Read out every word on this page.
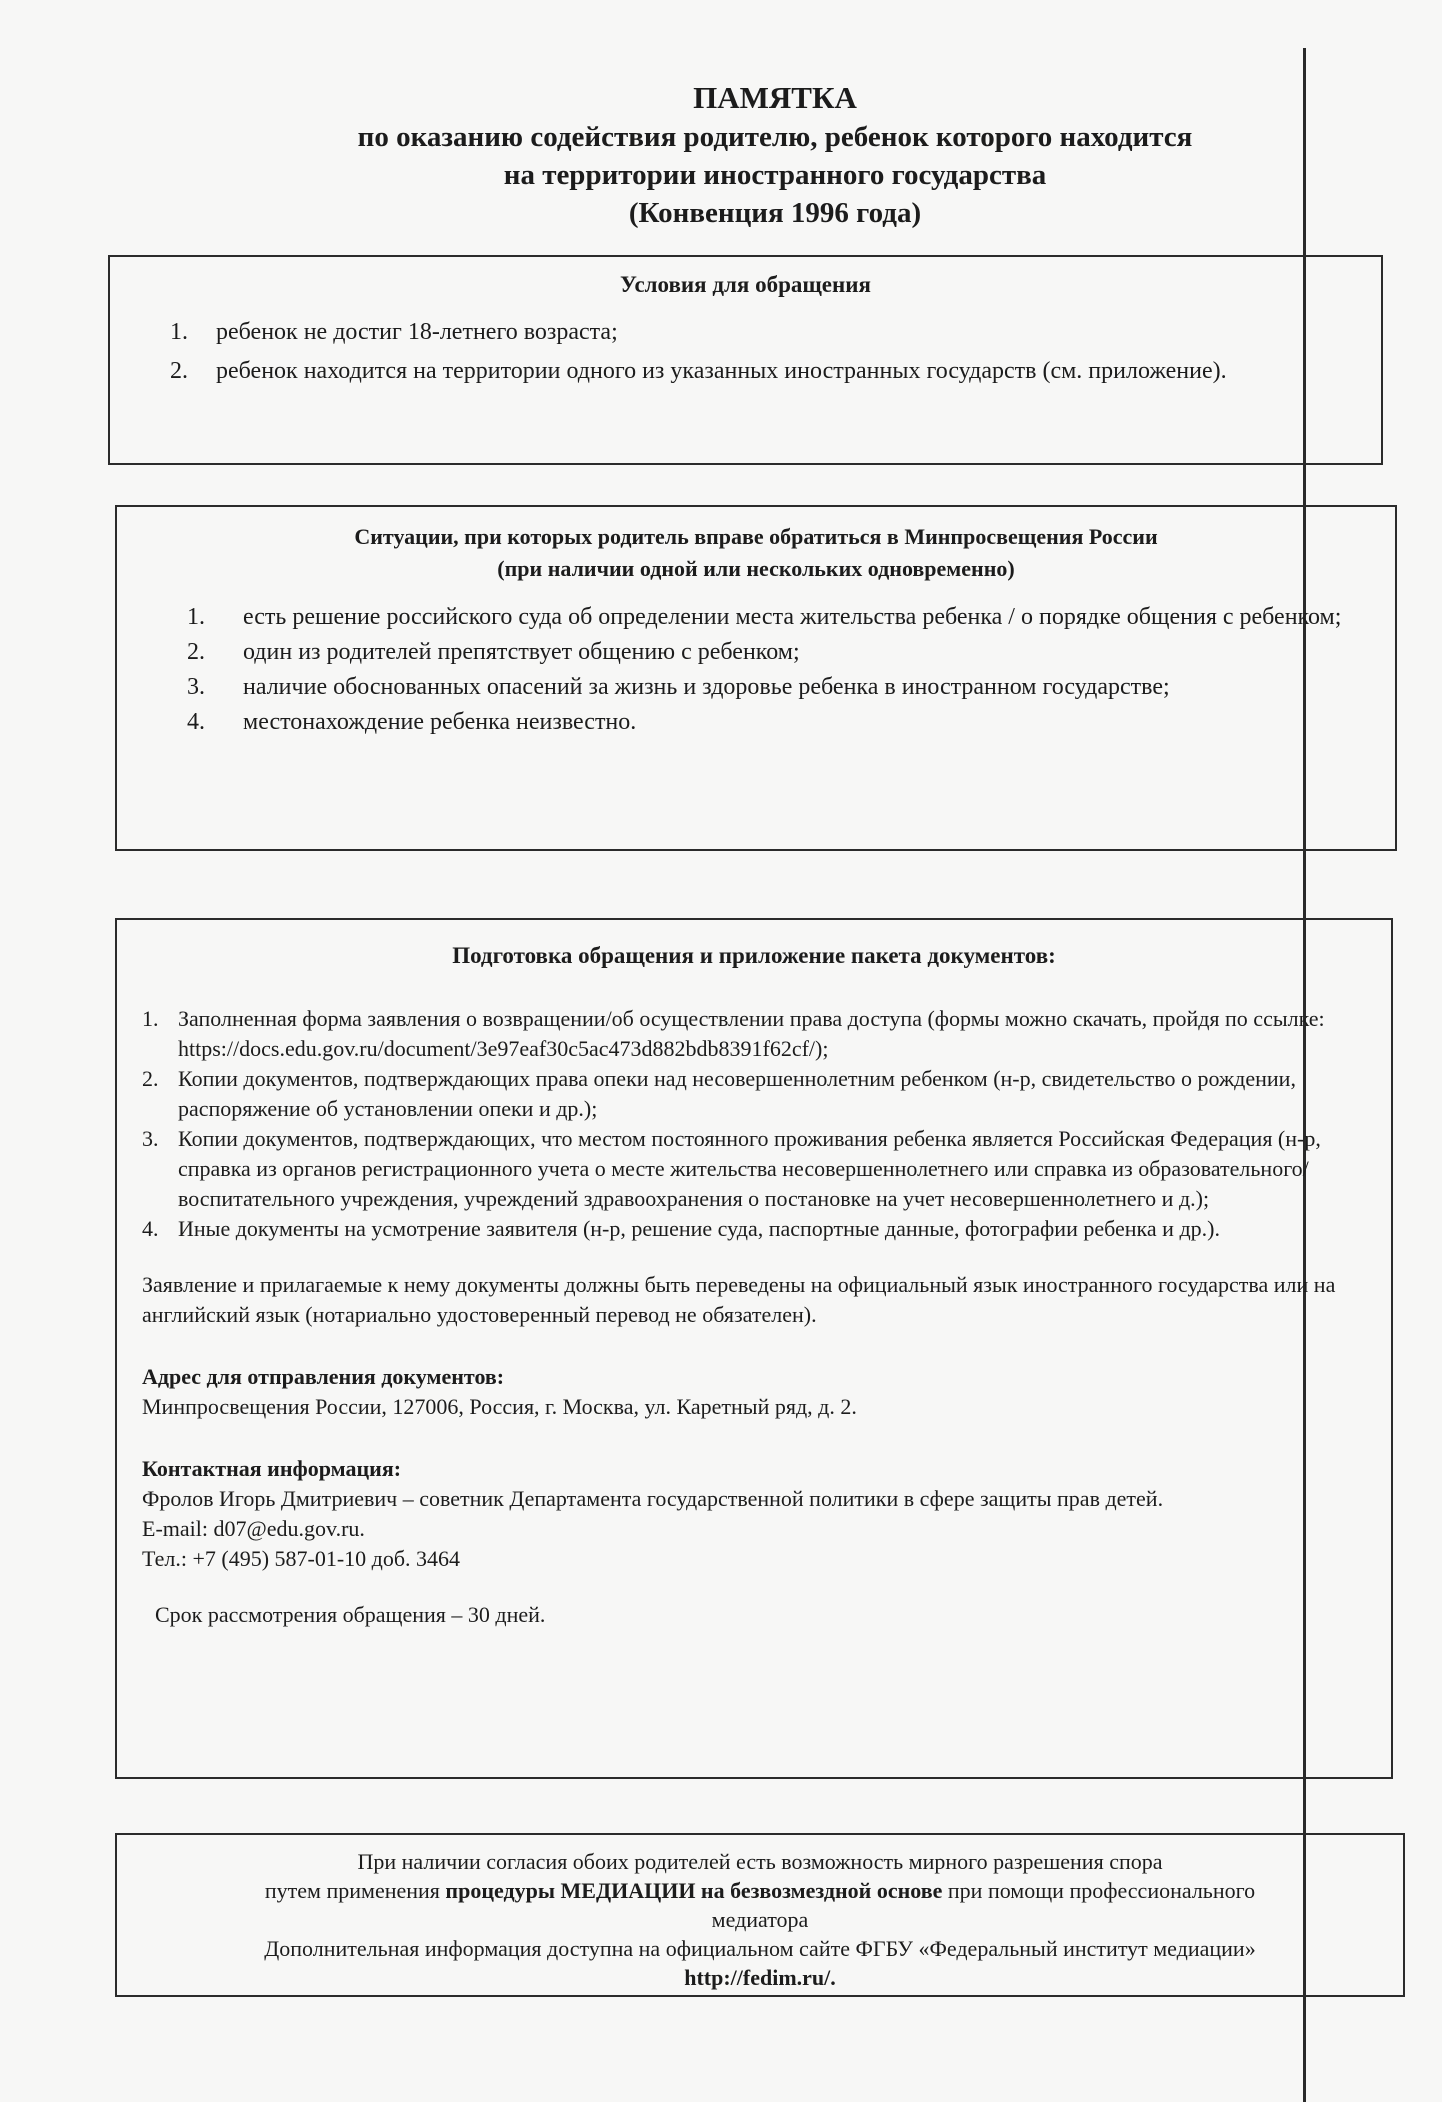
ПАМЯТКА
по оказанию содействия родителю, ребенок которого находится
на территории иностранного государства
(Конвенция 1996 года)
Условия для обращения
1. ребенок не достиг 18-летнего возраста;
2. ребенок находится на территории одного из указанных иностранных государств (см. приложение).
Ситуации, при которых родитель вправе обратиться в Минпросвещения России
(при наличии одной или нескольких одновременно)
1. есть решение российского суда об определении места жительства ребенка / о порядке общения с ребенком;
2. один из родителей препятствует общению с ребенком;
3. наличие обоснованных опасений за жизнь и здоровье ребенка в иностранном государстве;
4. местонахождение ребенка неизвестно.
Подготовка обращения и приложение пакета документов:
1. Заполненная форма заявления о возвращении/об осуществлении права доступа (формы можно скачать, пройдя по ссылке: https://docs.edu.gov.ru/document/3e97eaf30c5ac473d882bdb8391f62cf/);
2. Копии документов, подтверждающих права опеки над несовершеннолетним ребенком (н-р, свидетельство о рождении, распоряжение об установлении опеки и др.);
3. Копии документов, подтверждающих, что местом постоянного проживания ребенка является Российская Федерация (н-р, справка из органов регистрационного учета о месте жительства несовершеннолетнего или справка из образовательного/воспитательного учреждения, учреждений здравоохранения о постановке на учет несовершеннолетнего и д.);
4. Иные документы на усмотрение заявителя (н-р, решение суда, паспортные данные, фотографии ребенка и др.).
Заявление и прилагаемые к нему документы должны быть переведены на официальный язык иностранного государства или на английский язык (нотариально удостоверенный перевод не обязателен).
Адрес для отправления документов:
Минпросвещения России, 127006, Россия, г. Москва, ул. Каретный ряд, д. 2.
Контактная информация:
Фролов Игорь Дмитриевич – советник Департамента государственной политики в сфере защиты прав детей.
E-mail: d07@edu.gov.ru.
Тел.: +7 (495) 587-01-10 доб. 3464
Срок рассмотрения обращения – 30 дней.
При наличии согласия обоих родителей есть возможность мирного разрешения спора
путем применения процедуры МЕДИАЦИИ на безвозмездной основе при помощи профессионального
медиатора
Дополнительная информация доступна на официальном сайте ФГБУ «Федеральный институт медиации»
http://fedim.ru/.
